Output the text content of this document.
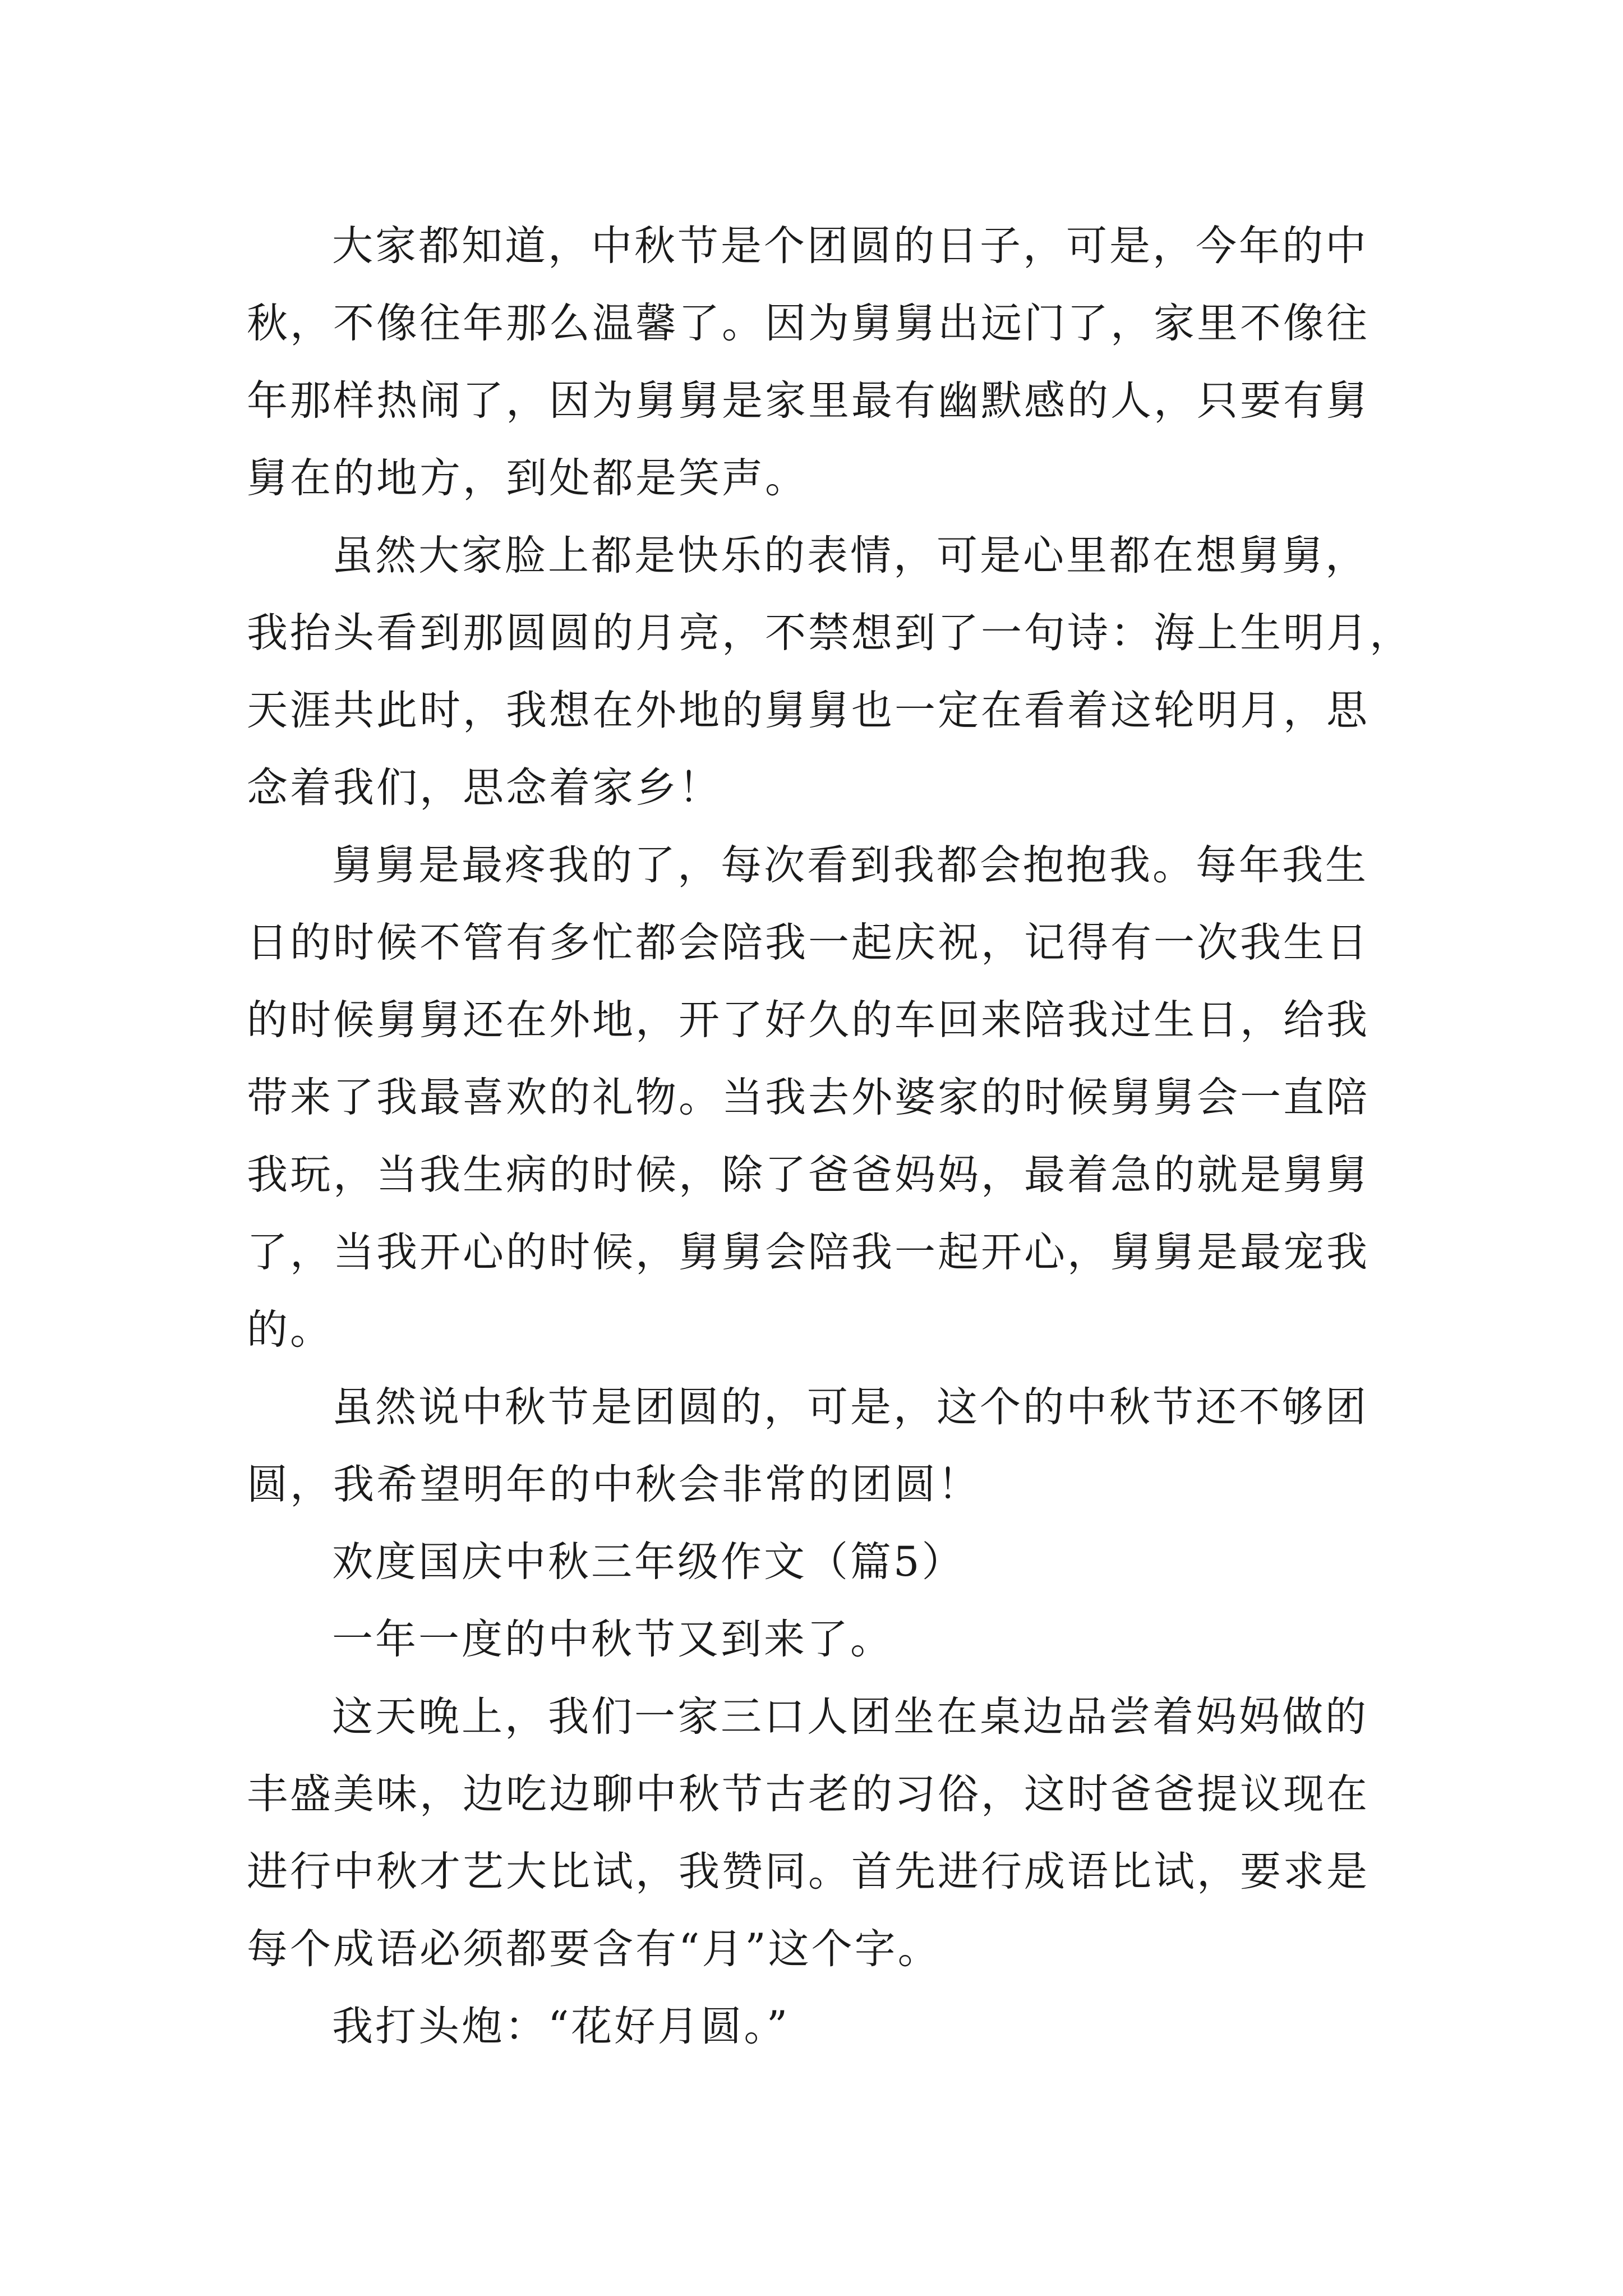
大家都知道，中秋节是个团圆的日子，可是，今年的中
秋，不像往年那么温馨了。因为舅舅出远门了，家里不像往
年那样热闹了，因为舅舅是家里最有幽默感的人，只要有舅
舅在的地方，到处都是笑声。
虽然大家脸上都是快乐的表情，可是心里都在想舅舅，
我抬头看到那圆圆的月亮，不禁想到了一句诗：海上生明月，
天涯共此时，我想在外地的舅舅也一定在看着这轮明月，思
念着我们，思念着家乡！
舅舅是最疼我的了，每次看到我都会抱抱我。每年我生
日的时候不管有多忙都会陪我一起庆祝，记得有一次我生日
的时候舅舅还在外地，开了好久的车回来陪我过生日，给我
带来了我最喜欢的礼物。当我去外婆家的时候舅舅会一直陪
我玩，当我生病的时候，除了爸爸妈妈，最着急的就是舅舅
了，当我开心的时候，舅舅会陪我一起开心，舅舅是最宠我
的。
虽然说中秋节是团圆的，可是，这个的中秋节还不够团
圆，我希望明年的中秋会非常的团圆！
欢度国庆中秋三年级作文（篇5）
一年一度的中秋节又到来了。
这天晚上，我们一家三口人团坐在桌边品尝着妈妈做的
丰盛美味，边吃边聊中秋节古老的习俗，这时爸爸提议现在
进行中秋才艺大比试，我赞同。首先进行成语比试，要求是
每个成语必须都要含有“月”这个字。
我打头炮：“花好月圆。”
